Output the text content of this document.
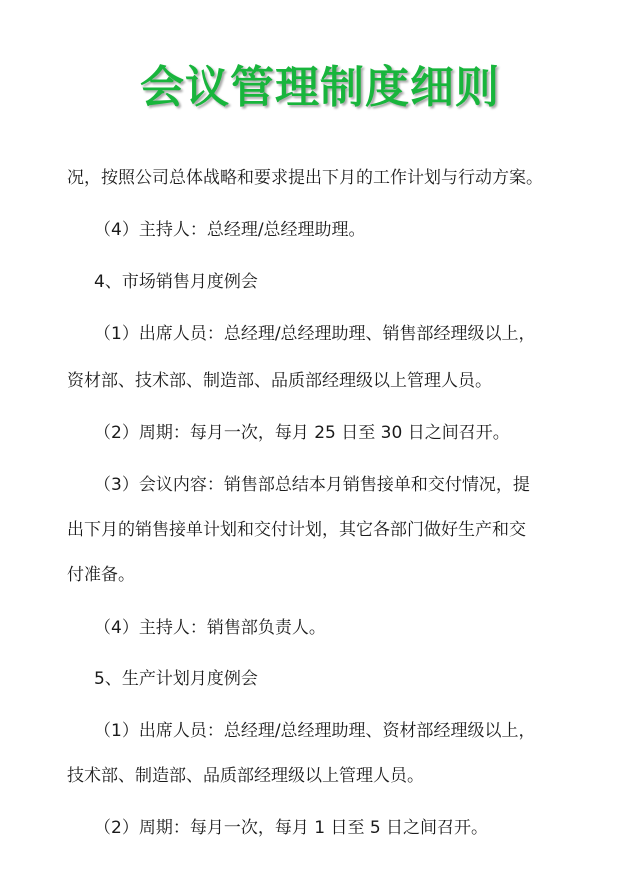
会议管理制度细则
况，按照公司总体战略和要求提出下月的工作计划与行动方案。
（4）主持人：总经理/总经理助理。
4、市场销售月度例会
（1）出席人员：总经理/总经理助理、销售部经理级以上，
资材部、技术部、制造部、品质部经理级以上管理人员。
（2）周期：每月一次，每月 25 日至 30 日之间召开。
（3）会议内容：销售部总结本月销售接单和交付情况，提
出下月的销售接单计划和交付计划，其它各部门做好生产和交
付准备。
（4）主持人：销售部负责人。
5、生产计划月度例会
（1）出席人员：总经理/总经理助理、资材部经理级以上，
技术部、制造部、品质部经理级以上管理人员。
（2）周期：每月一次，每月 1 日至 5 日之间召开。
